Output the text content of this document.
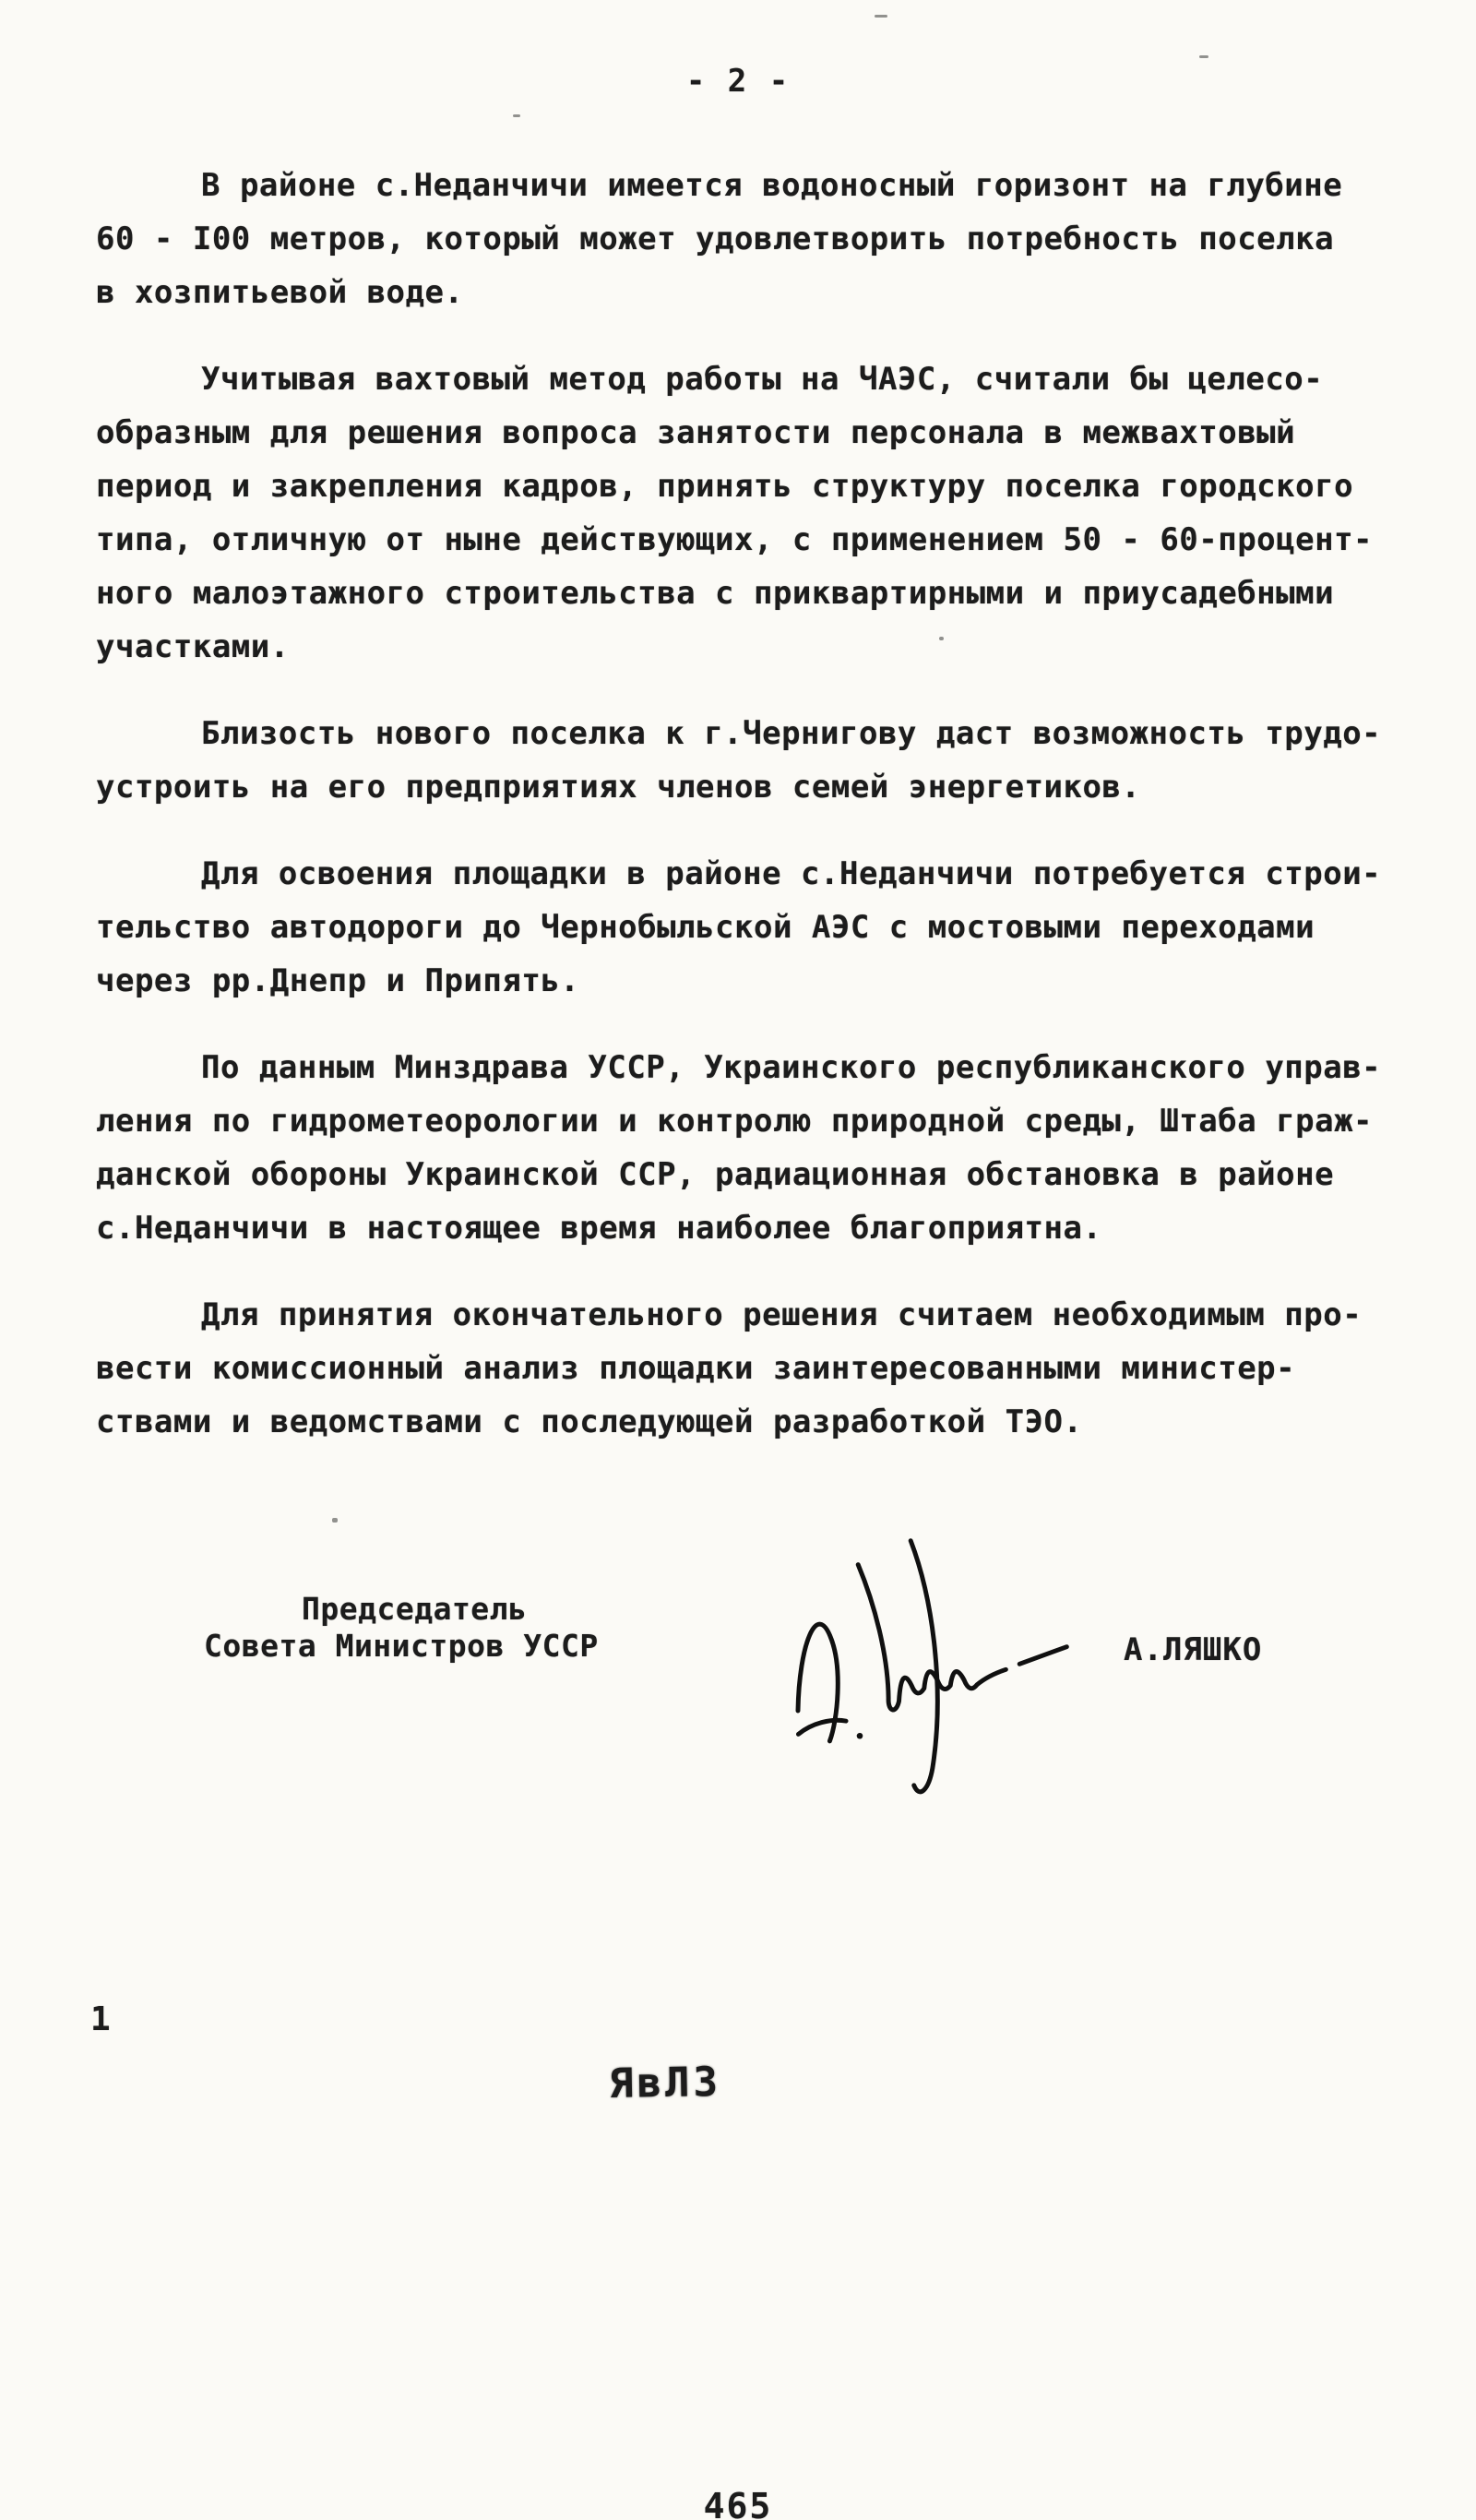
- 2 -

В районе с.Неданчичи имеется водоносный горизонт на глубине
60 - I00 метров, который может удовлетворить потребность поселка
в хозпитьевой воде.

Учитывая вахтовый метод работы на ЧАЭС, считали бы целесо-
образным для решения вопроса занятости персонала в межвахтовый
период и закрепления кадров, принять структуру поселка городского
типа, отличную от ныне действующих, с применением 50 - 60-процент-
ного малоэтажного строительства с приквартирными и приусадебными
участками.

Близость нового поселка к г.Чернигову даст возможность трудо-
устроить на его предприятиях членов семей энергетиков.

Для освоения площадки в районе с.Неданчичи потребуется строи-
тельство автодороги до Чернобыльской АЭС с мостовыми переходами
через рр.Днепр и Припять.

По данным Минздрава УССР, Украинского республиканского управ-
ления по гидрометеорологии и контролю природной среды, Штаба граж-
данской обороны Украинской ССР, радиационная обстановка в районе
с.Неданчичи в настоящее время наиболее благоприятна.

Для принятия окончательного решения считаем необходимым про-
вести комиссионный анализ площадки заинтересованными министер-
ствами и ведомствами с последующей разработкой ТЭО.

Председатель
Совета Министров УССР	А.ЛЯШКО
1
ЯвЛЗ
465
